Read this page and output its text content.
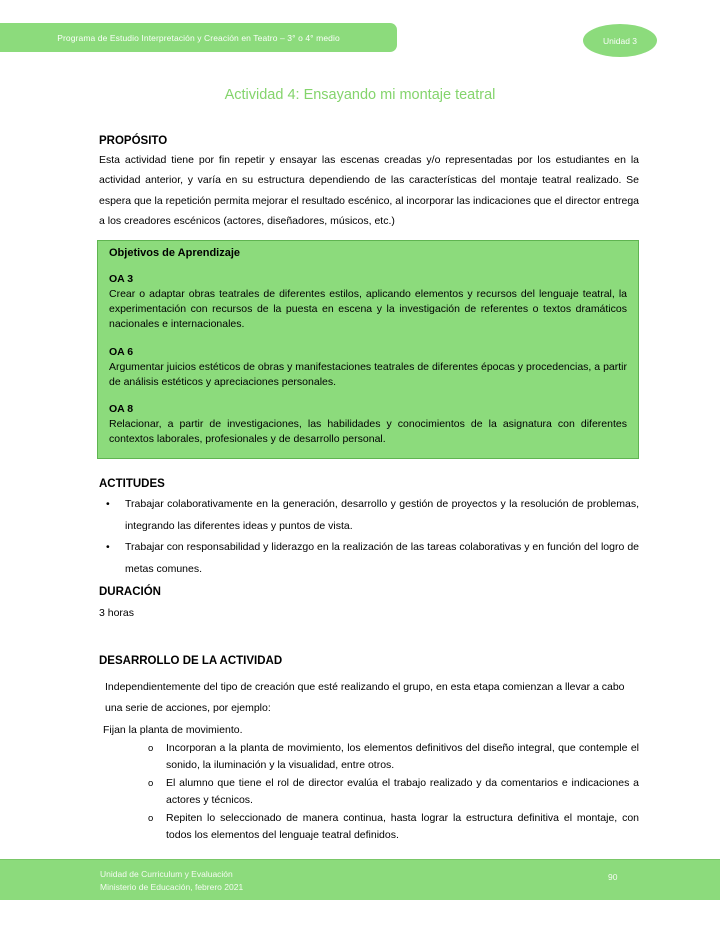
Programa de Estudio Interpretación y Creación en Teatro – 3° o 4° medio	Unidad 3
Actividad 4: Ensayando mi montaje teatral
PROPÓSITO

Esta actividad tiene por fin repetir y ensayar las escenas creadas y/o representadas por los estudiantes en la actividad anterior, y varía en su estructura dependiendo de las características del montaje teatral realizado. Se espera que la repetición permita mejorar el resultado escénico, al incorporar las indicaciones que el director entrega a los creadores escénicos (actores, diseñadores, músicos, etc.)

Objetivos de Aprendizaje
OA 3

Crear o adaptar obras teatrales de diferentes estilos, aplicando elementos y recursos del lenguaje teatral, la experimentación con recursos de la puesta en escena y la investigación de referentes o textos dramáticos nacionales e internacionales.

OA 6

Argumentar juicios estéticos de obras y manifestaciones teatrales de diferentes épocas y procedencias, a partir de análisis estéticos y apreciaciones personales.

OA 8

Relacionar, a partir de investigaciones, las habilidades y conocimientos de la asignatura con diferentes contextos laborales, profesionales y de desarrollo personal.

ACTITUDES
• Trabajar colaborativamente en la generación, desarrollo y gestión de proyectos y la resolución de problemas, integrando las diferentes ideas y puntos de vista.
• Trabajar con responsabilidad y liderazgo en la realización de las tareas colaborativas y en función del logro de metas comunes.
DURACIÓN
3 horas
DESARROLLO DE LA ACTIVIDAD
Independientemente del tipo de creación que esté realizando el grupo, en esta etapa comienzan a llevar a cabo una serie de acciones, por ejemplo:
Fijan la planta de movimiento.
o Incorporan a la planta de movimiento, los elementos definitivos del diseño integral, que contemple el sonido, la iluminación y la visualidad, entre otros.
o El alumno que tiene el rol de director evalúa el trabajo realizado y da comentarios e indicaciones a actores y técnicos.
o Repiten lo seleccionado de manera continua, hasta lograr la estructura definitiva el montaje, con todos los elementos del lenguaje teatral definidos.
Unidad de Curriculum y Evaluación
Ministerio de Educación, febrero 2021
90
